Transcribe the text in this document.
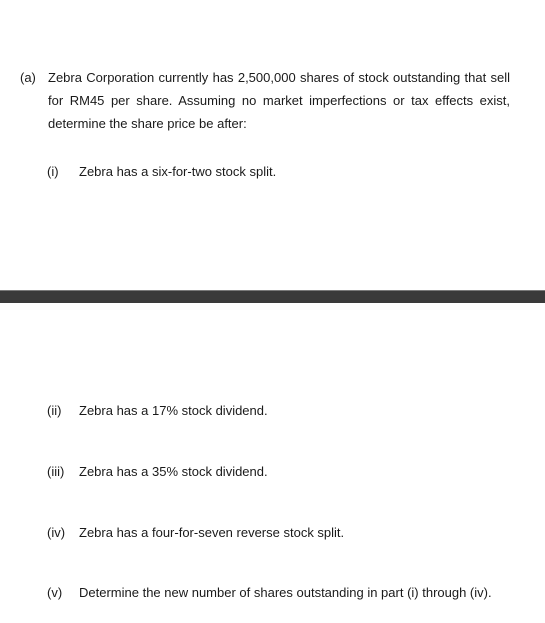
(a) Zebra Corporation currently has 2,500,000 shares of stock outstanding that sell for RM45 per share. Assuming no market imperfections or tax effects exist, determine the share price be after:
(i)	Zebra has a six-for-two stock split.
(ii)	Zebra has a 17% stock dividend.
(iii)	Zebra has a 35% stock dividend.
(iv)	Zebra has a four-for-seven reverse stock split.
(v)	Determine the new number of shares outstanding in part (i) through (iv).
